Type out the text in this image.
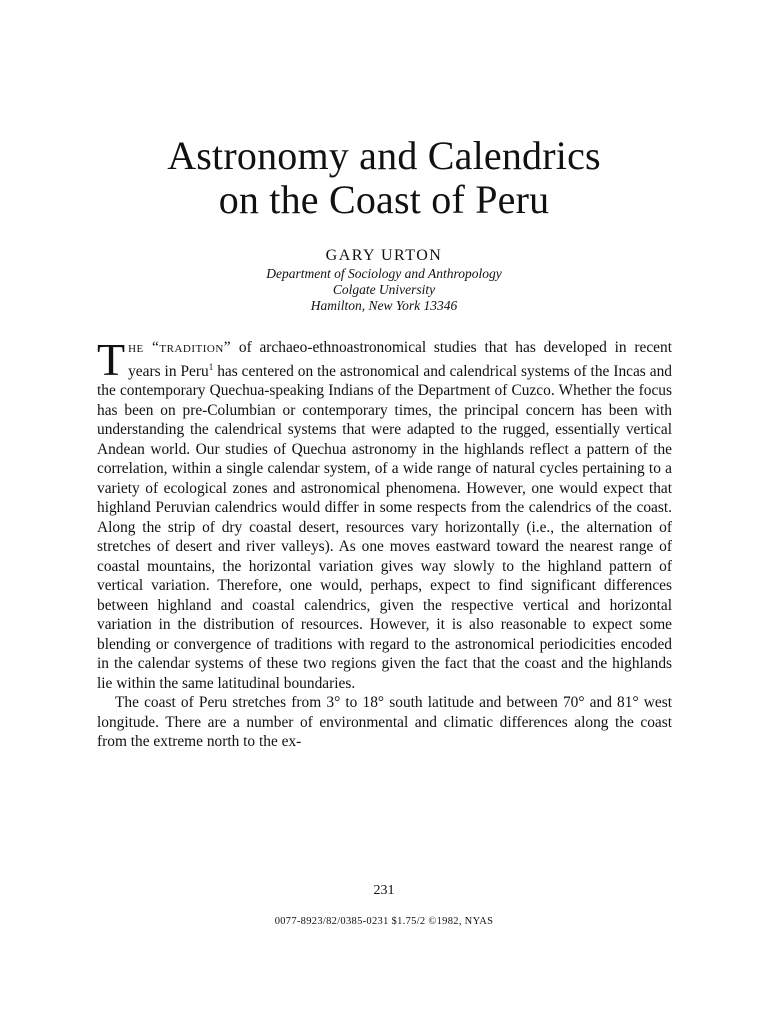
Astronomy and Calendrics
on the Coast of Peru
GARY URTON
Department of Sociology and Anthropology
Colgate University
Hamilton, New York 13346

The “tradition” of archaeo-ethnoastronomical studies that has developed in recent years in Peru$^1$ has centered on the astronomical and calendrical systems of the Incas and the contemporary Quechua-speaking Indians of the Department of Cuzco. Whether the focus has been on pre-Columbian or contemporary times, the principal concern has been with understanding the calendrical systems that were adapted to the rugged, essentially vertical Andean world. Our studies of Quechua astronomy in the highlands reflect a pattern of the correlation, within a single calendar system, of a wide range of natural cycles pertaining to a variety of ecological zones and astronomical phenomena. However, one would expect that highland Peruvian calendrics would differ in some respects from the calendrics of the coast. Along the strip of dry coastal desert, resources vary horizontally (i.e., the alternation of stretches of desert and river valleys). As one moves eastward toward the nearest range of coastal mountains, the horizontal variation gives way slowly to the highland pattern of vertical variation. Therefore, one would, perhaps, expect to find significant differences between highland and coastal calendrics, given the respective vertical and horizontal variation in the distribution of resources. However, it is also reasonable to expect some blending or convergence of traditions with regard to the astronomical periodicities encoded in the calendar systems of these two regions given the fact that the coast and the highlands lie within the same latitudinal boundaries.

The coast of Peru stretches from 3° to 18° south latitude and between 70° and 81° west longitude. There are a number of environmental and climatic differences along the coast from the extreme north to the ex-

231
0077-8923/82/0385-0231 $1.75/2 ©1982, NYAS
